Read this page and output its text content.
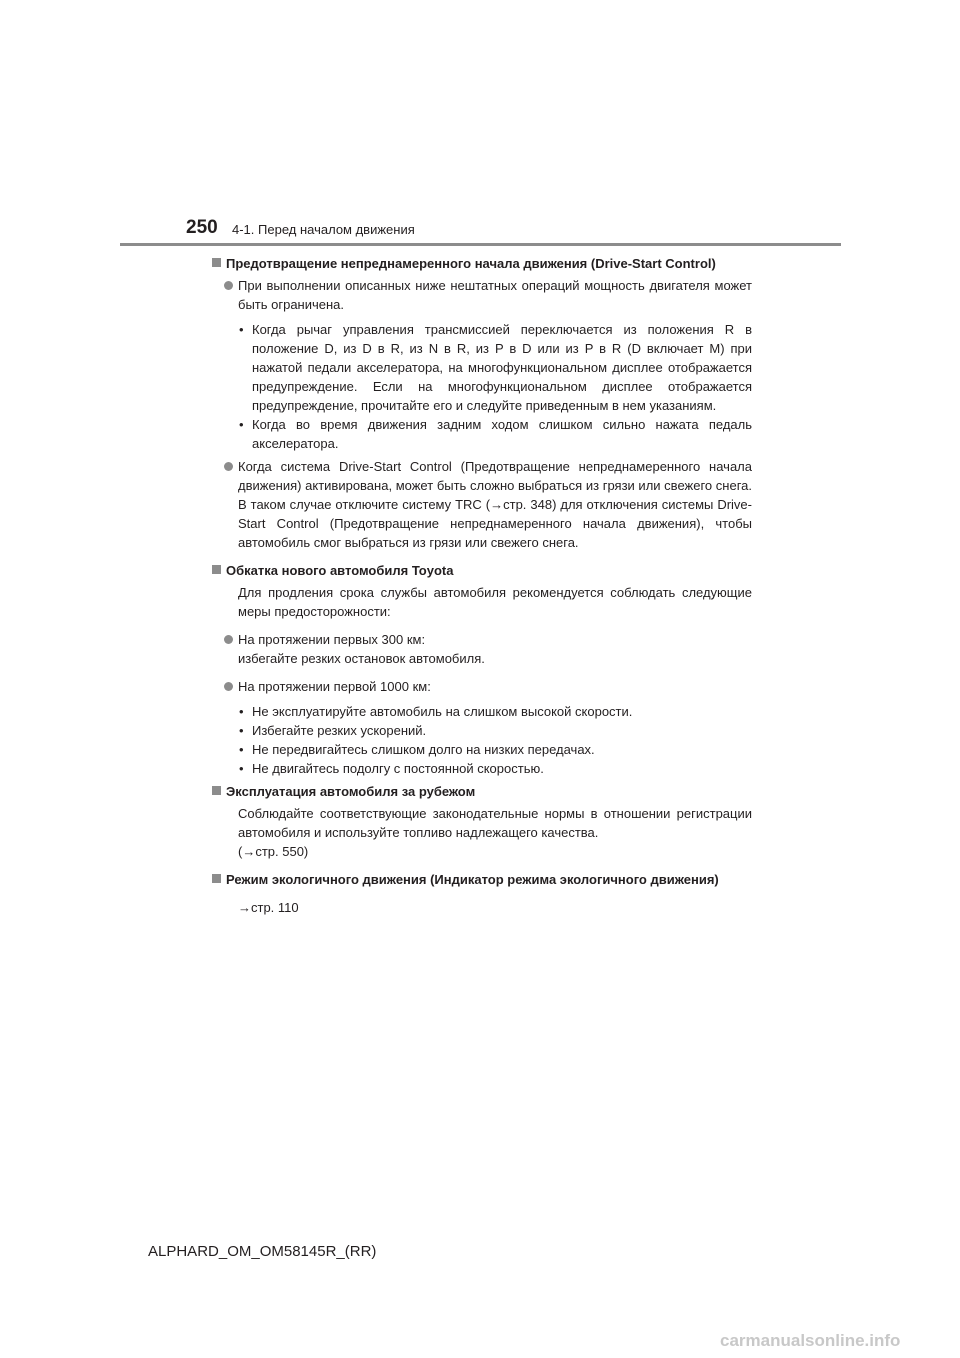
250 4-1. Перед началом движения
Предотвращение непреднамеренного начала движения (Drive-Start Control)
При выполнении описанных ниже нештатных операций мощность двигателя может быть ограничена.
• Когда рычаг управления трансмиссией переключается из положения R в положение D, из D в R, из N в R, из P в D или из P в R (D включает M) при нажатой педали акселератора, на многофункциональном дисплее отображается предупреждение. Если на многофункциональном дисплее отображается предупреждение, прочитайте его и следуйте приведенным в нем указаниям.
• Когда во время движения задним ходом слишком сильно нажата педаль акселератора.
Когда система Drive-Start Control (Предотвращение непреднамеренного начала движения) активирована, может быть сложно выбраться из грязи или свежего снега. В таком случае отключите систему TRC (→стр. 348) для отключения системы Drive-Start Control (Предотвращение непреднамеренного начала движения), чтобы автомобиль смог выбраться из грязи или свежего снега.
Обкатка нового автомобиля Toyota
Для продления срока службы автомобиля рекомендуется соблюдать следующие меры предосторожности:
На протяжении первых 300 км:
избегайте резких остановок автомобиля.
На протяжении первой 1000 км:
• Не эксплуатируйте автомобиль на слишком высокой скорости.
• Избегайте резких ускорений.
• Не передвигайтесь слишком долго на низких передачах.
• Не двигайтесь подолгу с постоянной скоростью.
Эксплуатация автомобиля за рубежом
Соблюдайте соответствующие законодательные нормы в отношении регистрации автомобиля и используйте топливо надлежащего качества.
(→стр. 550)
Режим экологичного движения (Индикатор режима экологичного движения)
→стр. 110
ALPHARD_OM_OM58145R_(RR)
carmanualsonline.info
